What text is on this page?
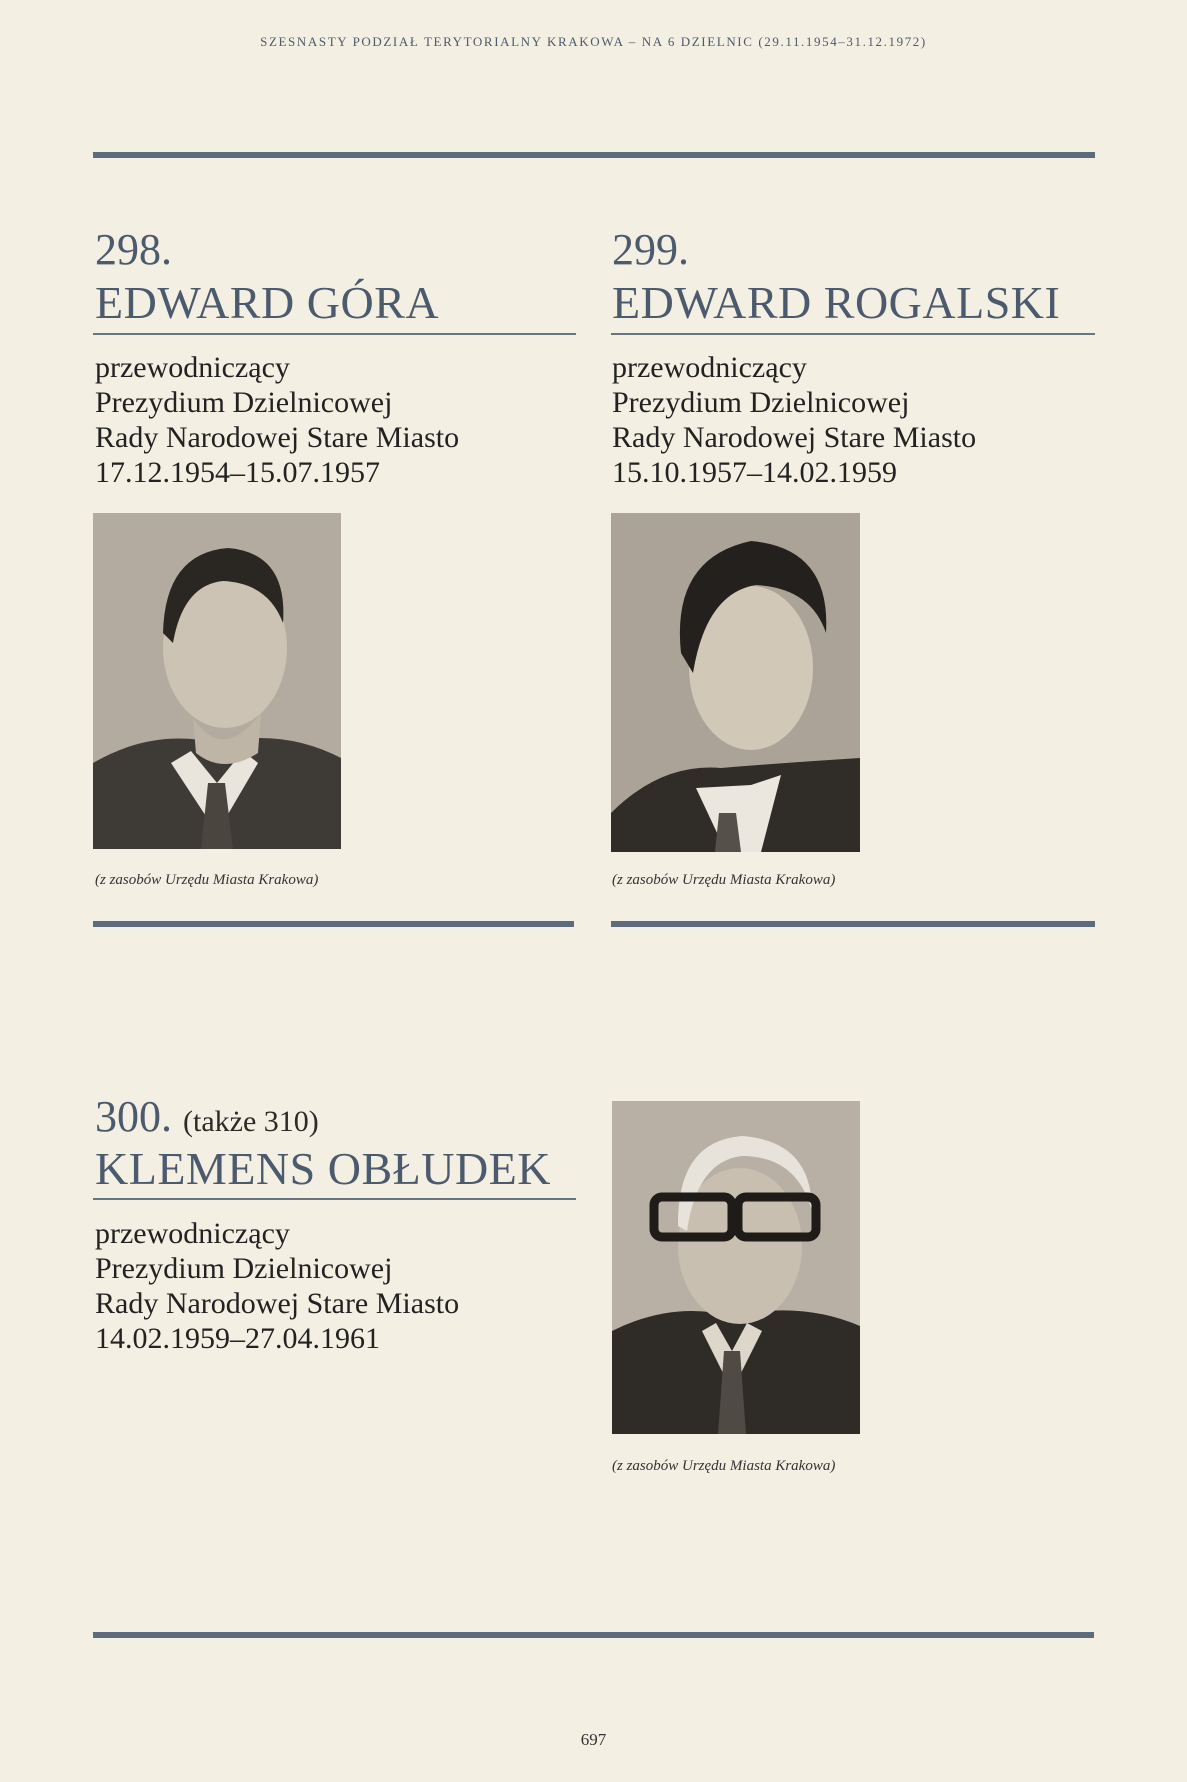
SZESNASTY PODZIAŁ TERYTORIALNY KRAKOWA – NA 6 DZIELNIC (29.11.1954–31.12.1972)
298.
EDWARD GÓRA
przewodniczący
Prezydium Dzielnicowej
Rady Narodowej Stare Miasto
17.12.1954–15.07.1957
(z zasobów Urzędu Miasta Krakowa)
299.
EDWARD ROGALSKI
przewodniczący
Prezydium Dzielnicowej
Rady Narodowej Stare Miasto
15.10.1957–14.02.1959
(z zasobów Urzędu Miasta Krakowa)
300. (także 310)
KLEMENS OBŁUDEK
przewodniczący
Prezydium Dzielnicowej
Rady Narodowej Stare Miasto
14.02.1959–27.04.1961
(z zasobów Urzędu Miasta Krakowa)
697
